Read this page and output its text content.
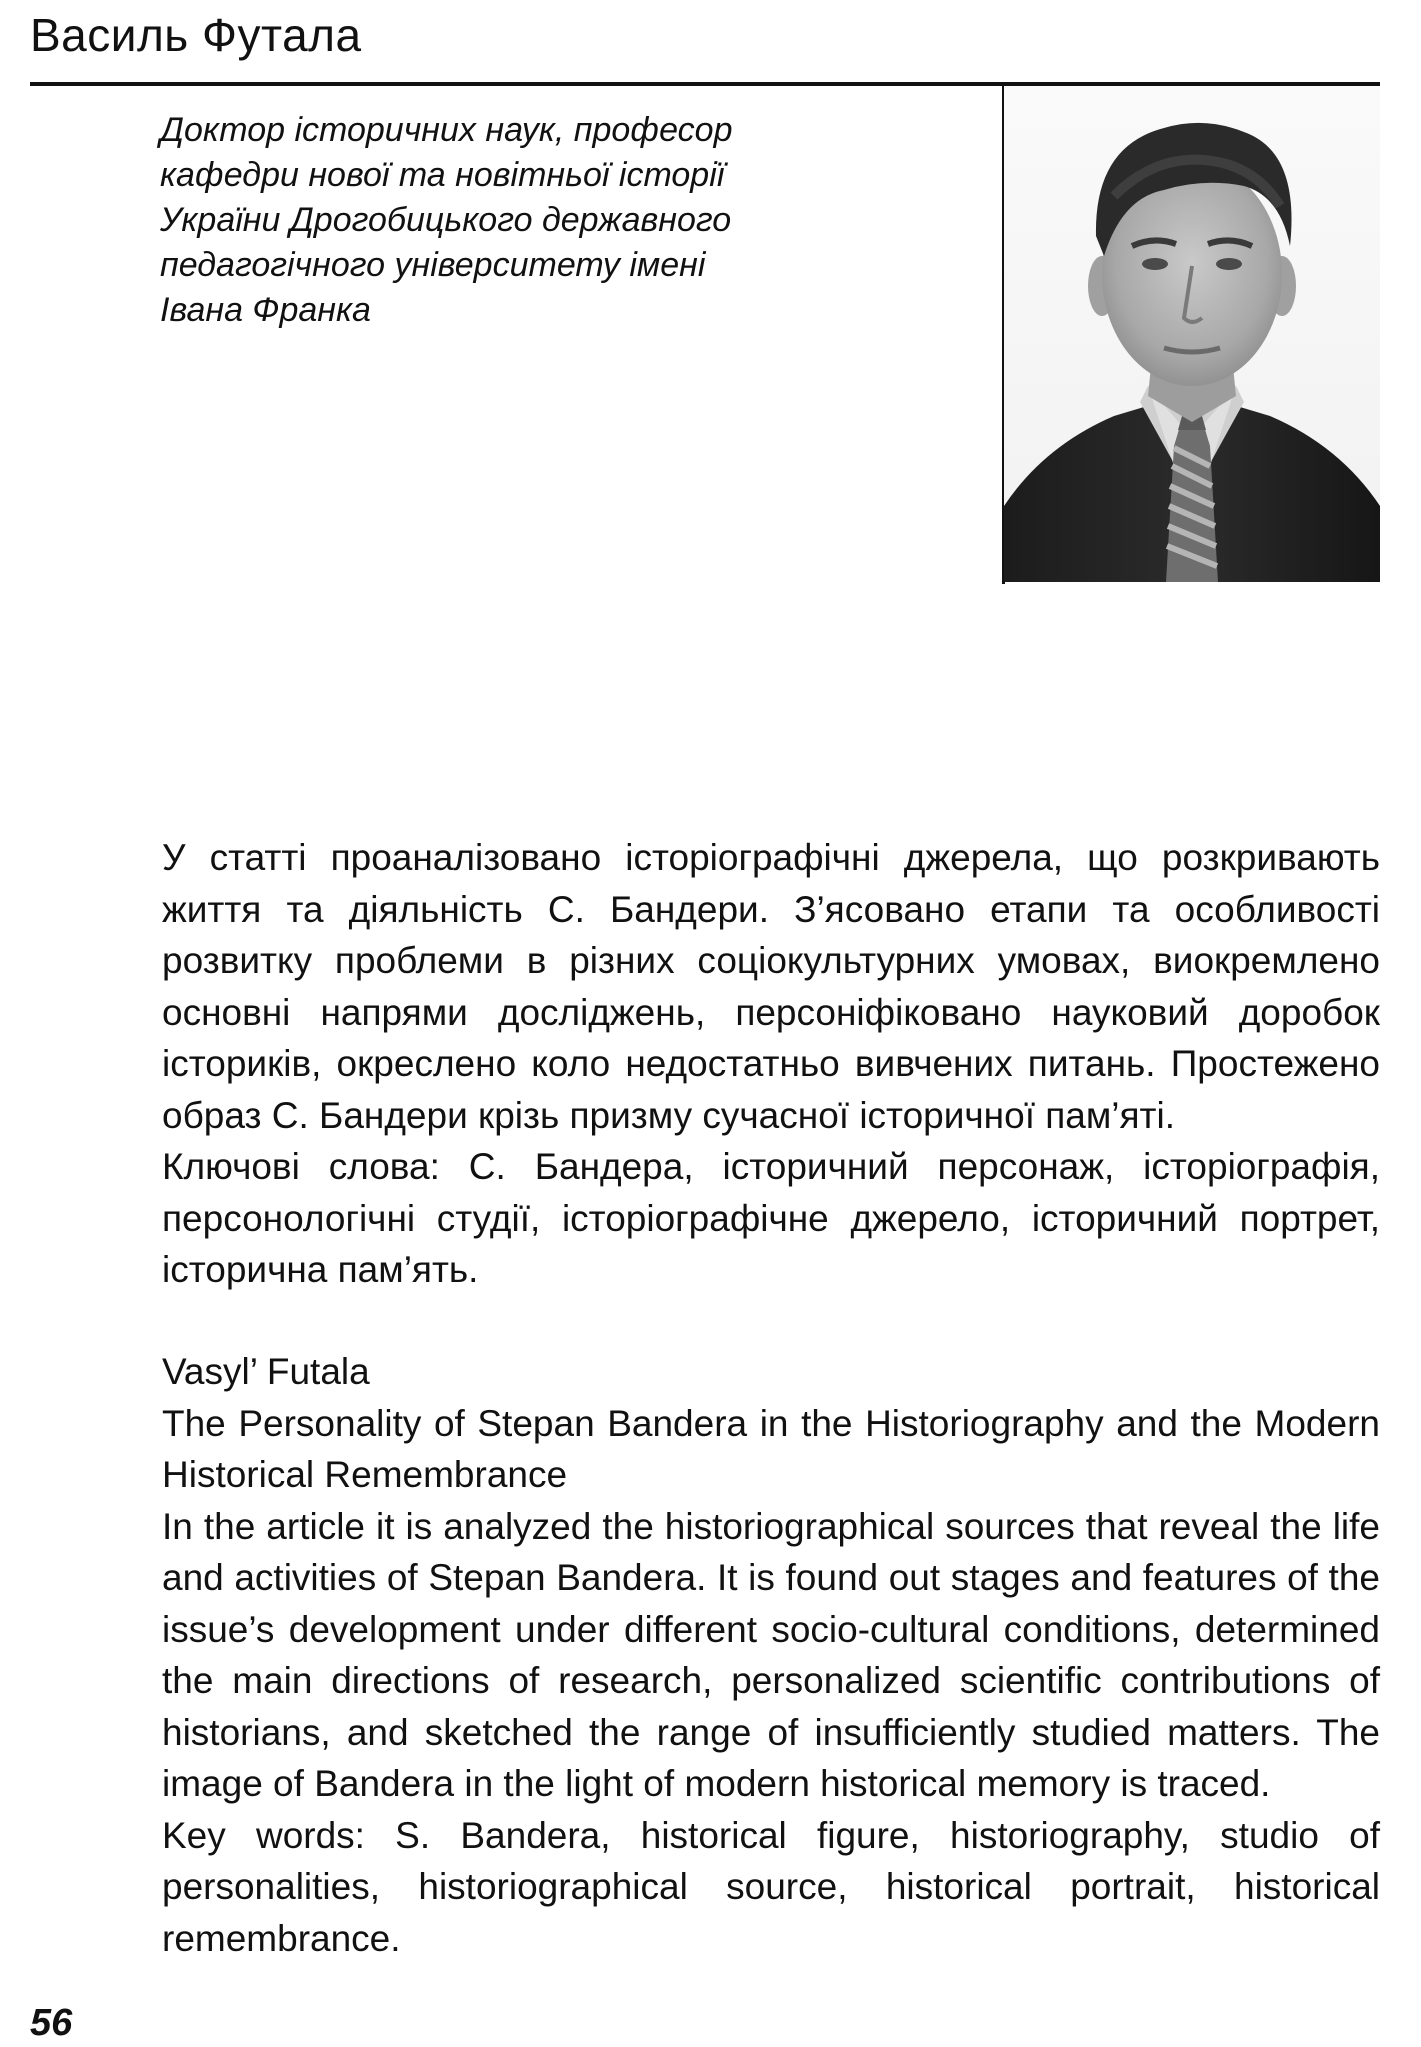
Василь Футала
Доктор історичних наук, професор
кафедри нової та новітньої історії
України Дрогобицького державного
педагогічного університету імені
Івана Франка

У статті проаналізовано історіографічні джерела, що розкривають життя та діяльність С. Бандери. З’ясовано етапи та особливості розвитку проблеми в різних соціокультурних умовах, виокремлено основні напрями досліджень, персоніфіковано науковий доробок істориків, окреслено коло недостатньо вивчених питань. Простежено образ С. Бандери крізь призму сучасної історичної пам’яті.

Ключові слова: С. Бандера, історичний персонаж, історіографія, персонологічні студії, історіографічне джерело, історичний портрет, історична пам’ять.

Vasyl’ Futala

The Personality of Stepan Bandera in the Historiography and the Modern Historical Remembrance

In the article it is analyzed the historiographical sources that reveal the life and activities of Stepan Bandera. It is found out stages and features of the issue’s development under different socio-cultural conditions, determined the main directions of research, personalized scientific contributions of historians, and sketched the range of insufficiently studied matters. The image of Bandera in the light of modern historical memory is traced.

Key words: S. Bandera, historical figure, historiography, studio of personalities, historiographical source, historical portrait, historical remembrance.

56
